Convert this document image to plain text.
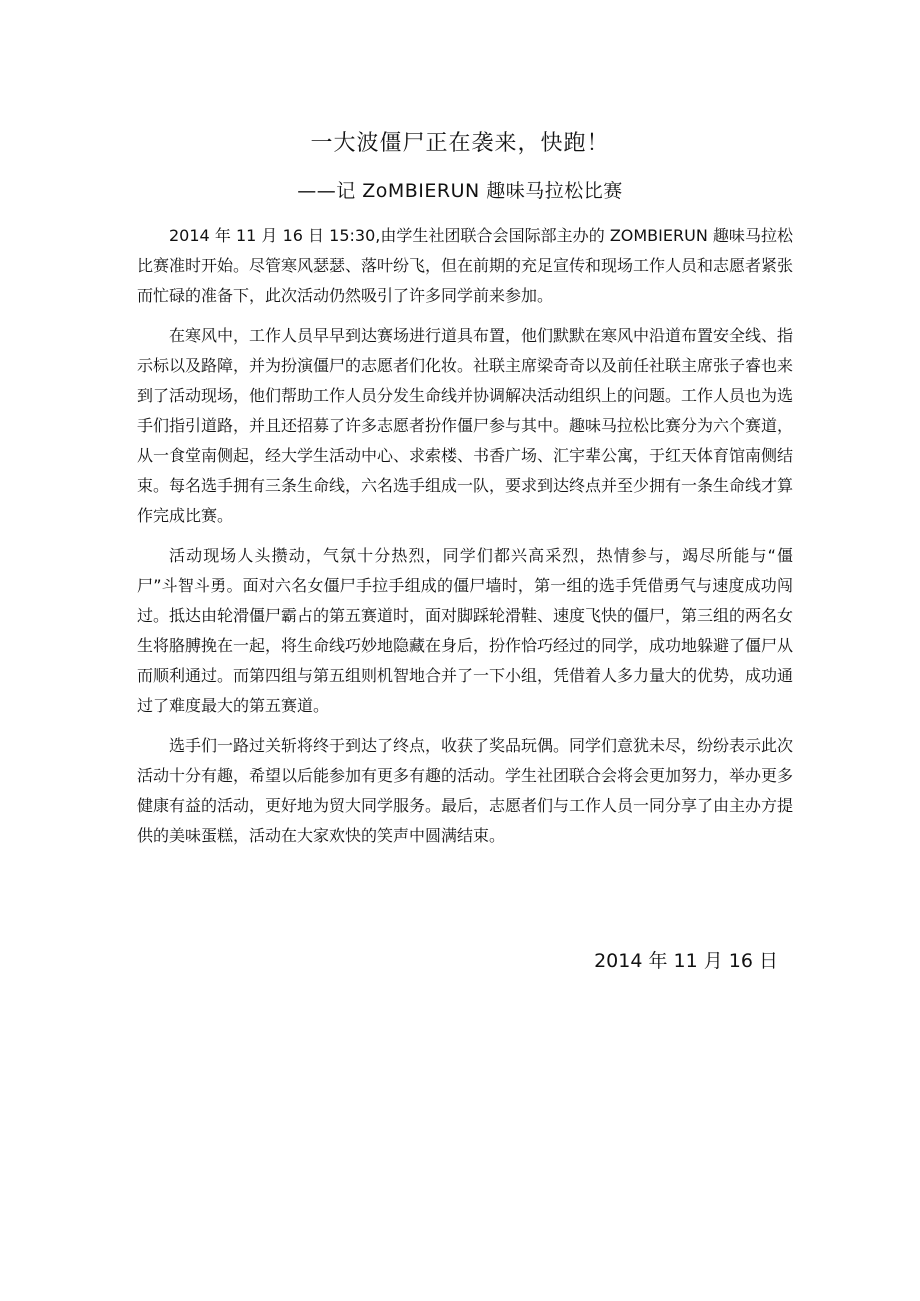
一大波僵尸正在袭来，快跑！
——记 ZoMBIERUN 趣味马拉松比赛

2014 年 11 月 16 日 15:30,由学生社团联合会国际部主办的 ZOMBIERUN 趣味马拉松比赛准时开始。尽管寒风瑟瑟、落叶纷飞，但在前期的充足宣传和现场工作人员和志愿者紧张而忙碌的准备下，此次活动仍然吸引了许多同学前来参加。

在寒风中，工作人员早早到达赛场进行道具布置，他们默默在寒风中沿道布置安全线、指示标以及路障，并为扮演僵尸的志愿者们化妆。社联主席梁奇奇以及前任社联主席张子睿也来到了活动现场，他们帮助工作人员分发生命线并协调解决活动组织上的问题。工作人员也为选手们指引道路，并且还招募了许多志愿者扮作僵尸参与其中。趣味马拉松比赛分为六个赛道，从一食堂南侧起，经大学生活动中心、求索楼、书香广场、汇宇辈公寓，于红天体育馆南侧结束。每名选手拥有三条生命线，六名选手组成一队，要求到达终点并至少拥有一条生命线才算作完成比赛。

活动现场人头攒动，气氛十分热烈，同学们都兴高采烈，热情参与，竭尽所能与“僵尸”斗智斗勇。面对六名女僵尸手拉手组成的僵尸墙时，第一组的选手凭借勇气与速度成功闯过。抵达由轮滑僵尸霸占的第五赛道时，面对脚踩轮滑鞋、速度飞快的僵尸，第三组的两名女生将胳膊挽在一起，将生命线巧妙地隐藏在身后，扮作恰巧经过的同学，成功地躲避了僵尸从而顺利通过。而第四组与第五组则机智地合并了一下小组，凭借着人多力量大的优势，成功通过了难度最大的第五赛道。

选手们一路过关斩将终于到达了终点，收获了奖品玩偶。同学们意犹未尽，纷纷表示此次活动十分有趣，希望以后能参加有更多有趣的活动。学生社团联合会将会更加努力，举办更多健康有益的活动，更好地为贸大同学服务。最后，志愿者们与工作人员一同分享了由主办方提供的美味蛋糕，活动在大家欢快的笑声中圆满结束。

2014 年 11 月 16 日
